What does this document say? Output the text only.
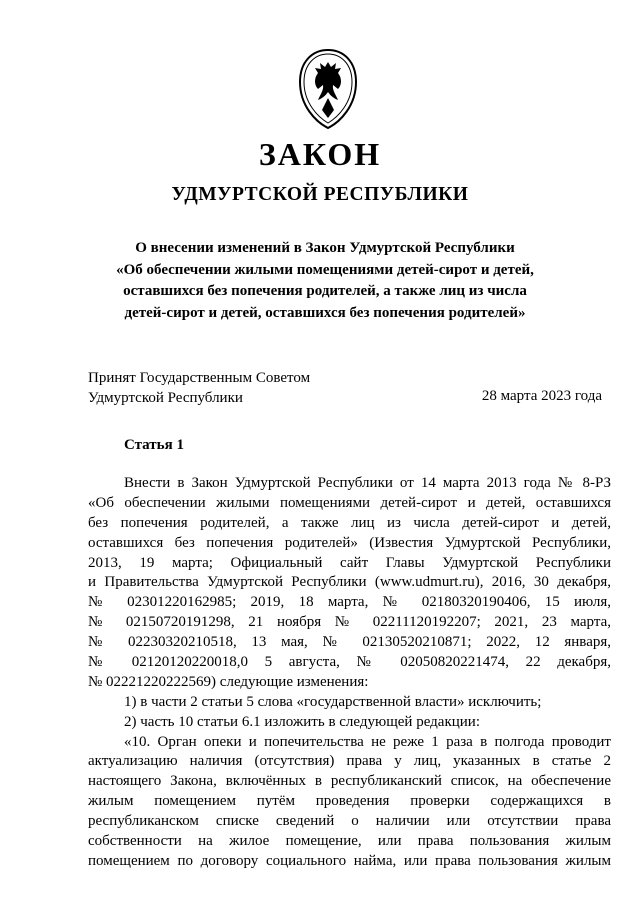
ЗАКОН
УДМУРТСКОЙ РЕСПУБЛИКИ
О внесении изменений в Закон Удмуртской Республики
«Об обеспечении жилыми помещениями детей-сирот и детей,
оставшихся без попечения родителей, а также лиц из числа
детей-сирот и детей, оставшихся без попечения родителей»
Принят Государственным Советом
Удмуртской Республики	28 марта 2023 года
Статья 1
Внести в Закон Удмуртской Республики от 14 марта 2013 года № 8-РЗ
«Об обеспечении жилыми помещениями детей-сирот и детей, оставшихся
без попечения родителей, а также лиц из числа детей-сирот и детей,
оставшихся без попечения родителей» (Известия Удмуртской Республики,
2013, 19 марта; Официальный сайт Главы Удмуртской Республики
и Правительства Удмуртской Республики (www.udmurt.ru), 2016, 30 декабря,
№ 02301220162985; 2019, 18 марта, № 02180320190406, 15 июля,
№ 02150720191298, 21 ноября № 02211120192207; 2021, 23 марта,
№ 02230320210518, 13 мая, № 02130520210871; 2022, 12 января,
№ 02120120220018,0 5 августа, № 02050820221474, 22 декабря,
№ 02221220222569) следующие изменения:
1) в части 2 статьи 5 слова «государственной власти» исключить;
2) часть 10 статьи 6.1 изложить в следующей редакции:
«10. Орган опеки и попечительства не реже 1 раза в полгода проводит
актуализацию наличия (отсутствия) права у лиц, указанных в статье 2
настоящего Закона, включённых в республиканский список, на обеспечение
жилым помещением путём проведения проверки содержащихся в
республиканском списке сведений о наличии или отсутствии права
собственности на жилое помещение, или права пользования жилым
помещением по договору социального найма, или права пользования жилым
